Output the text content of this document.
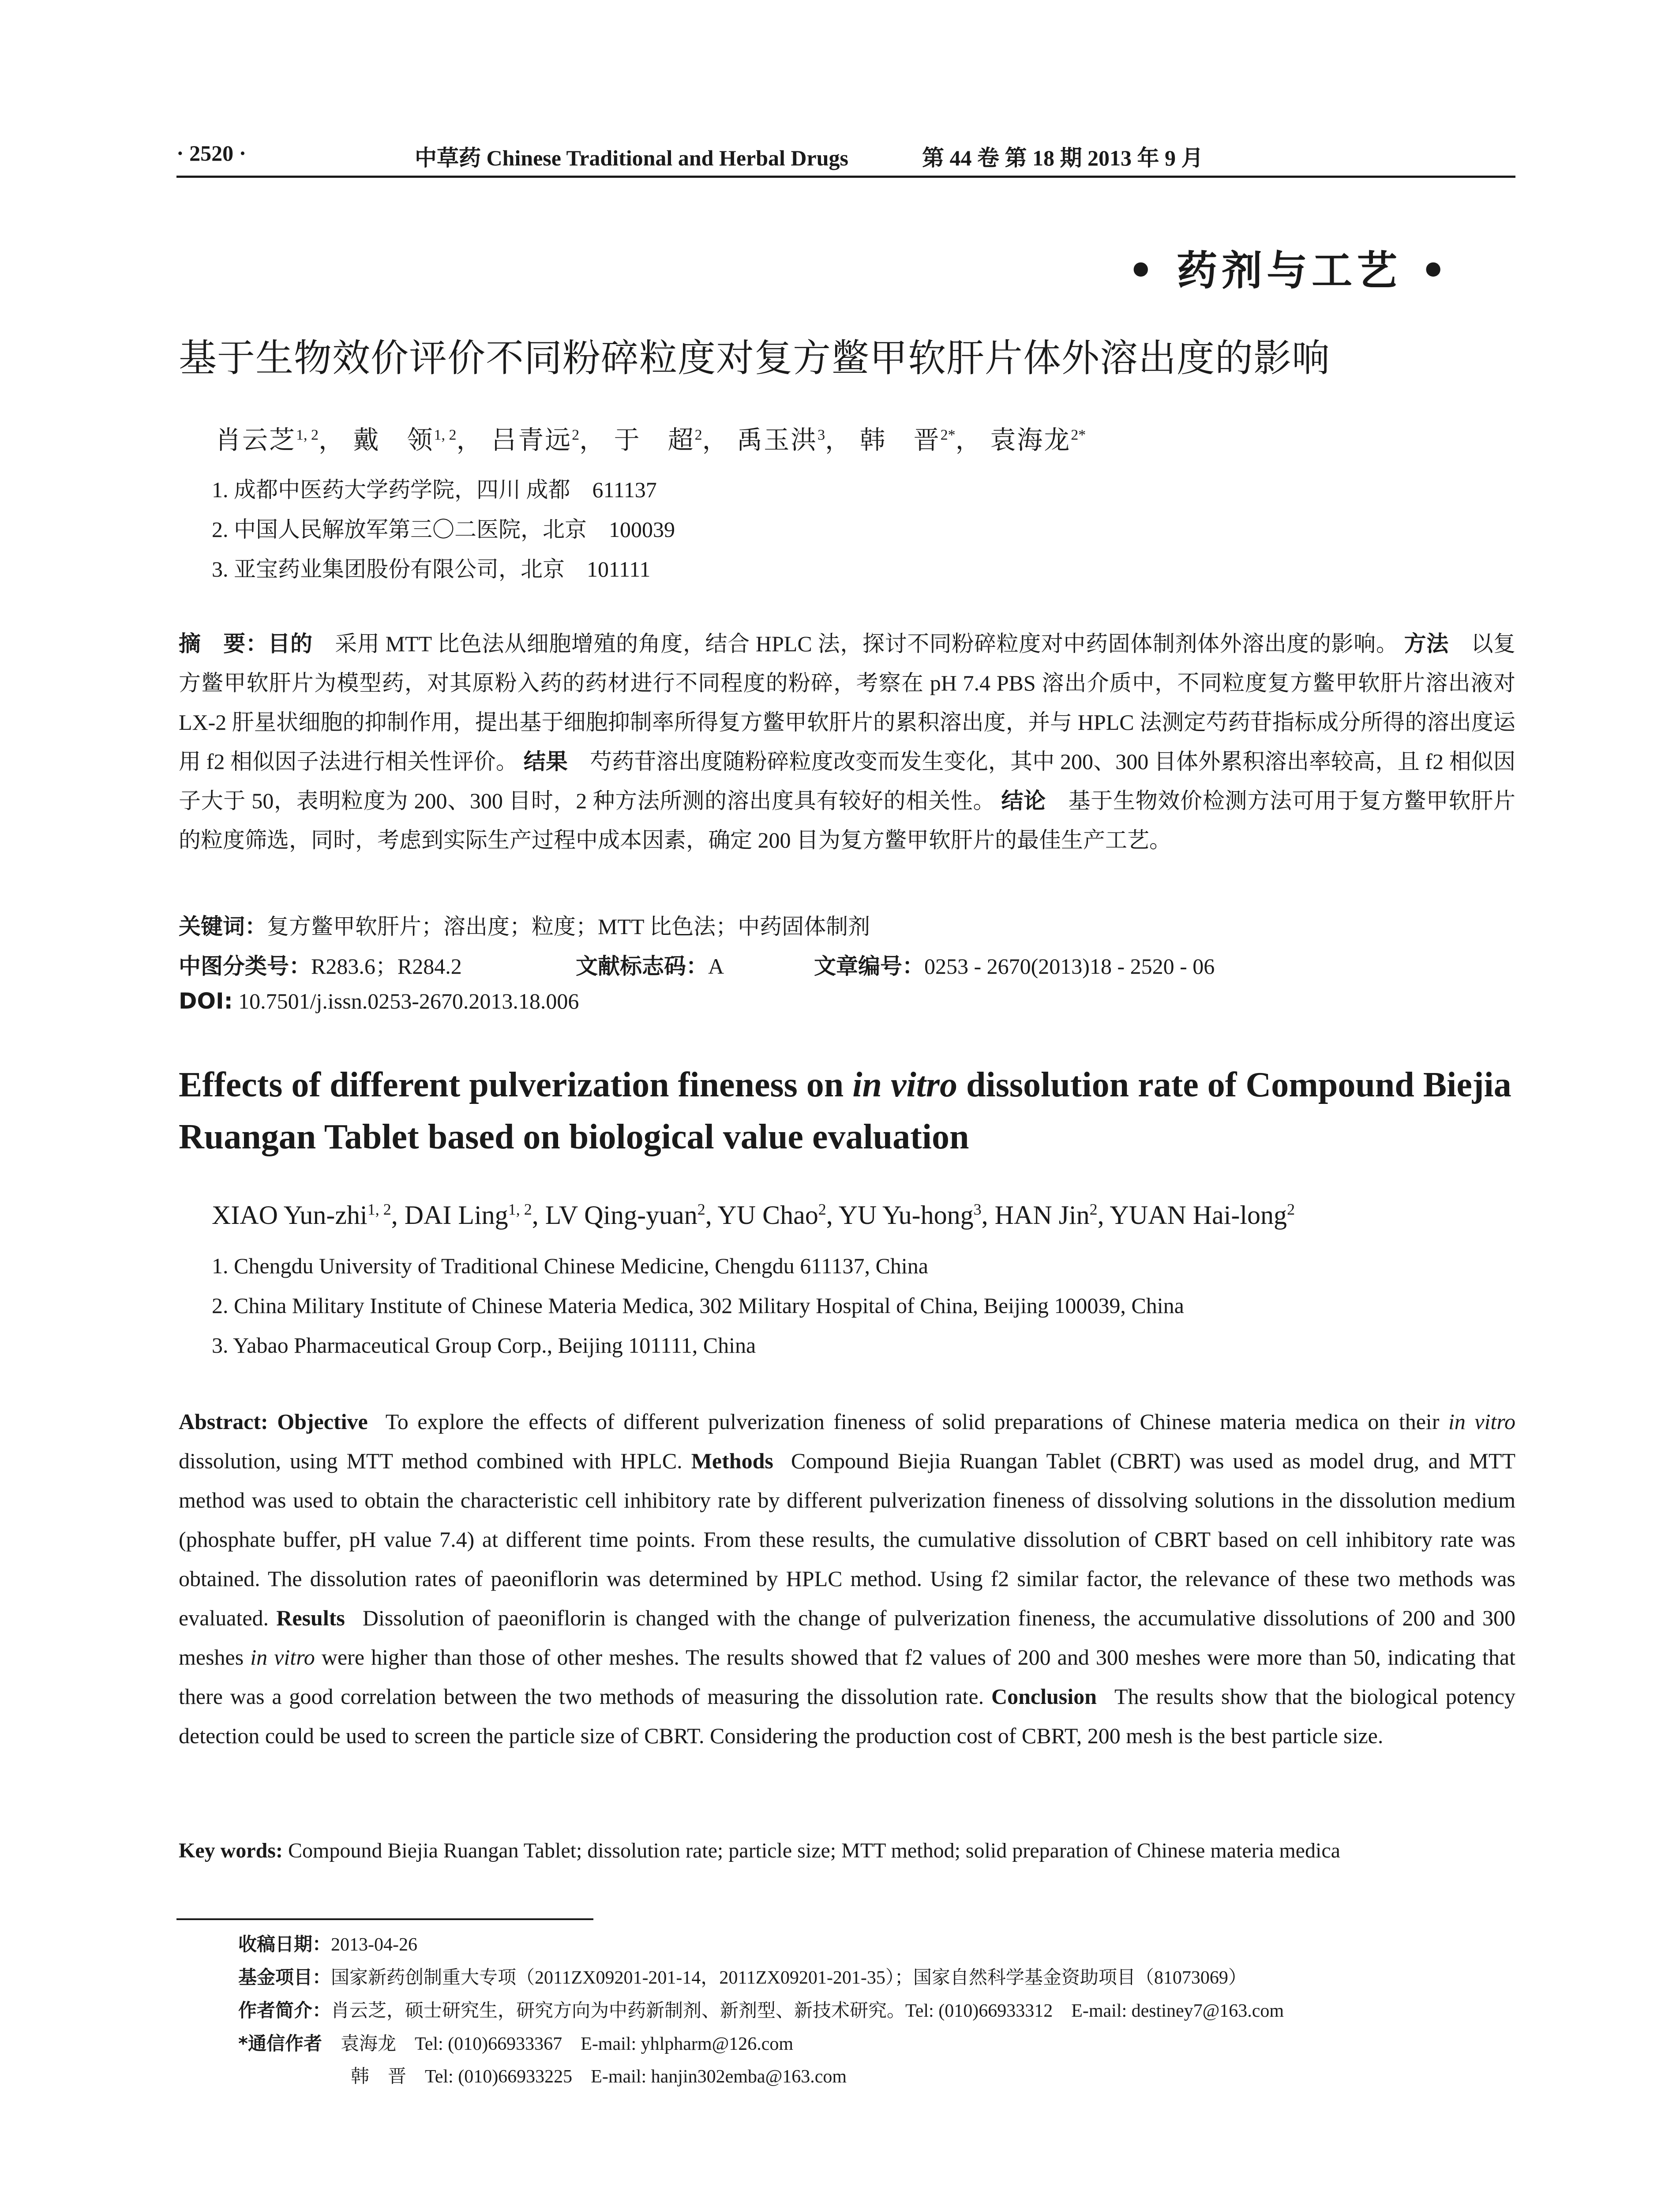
· 2520 ·	中草药 Chinese Traditional and Herbal Drugs	第 44 卷 第 18 期 2013 年 9 月
• 药剂与工艺 •
基于生物效价评价不同粉碎粒度对复方鳖甲软肝片体外溶出度的影响
肖云芝$^{1, 2}$， 戴　领$^{1, 2}$， 吕青远$^2$， 于　超$^2$， 禹玉洪$^3$， 韩　晋$^{2*}$， 袁海龙$^{2*}$
1. 成都中医药大学药学院，四川 成都　611137
2. 中国人民解放军第三〇二医院，北京　100039
3. 亚宝药业集团股份有限公司，北京　101111
摘　要：目的　 采用 MTT 比色法从细胞增殖的角度，结合 HPLC 法，探讨不同粉碎粒度对中药固体制剂体外溶出度的影响。 方法　 以复方鳖甲软肝片为模型药，对其原粉入药的药材进行不同程度的粉碎，考察在 pH 7.4 PBS 溶出介质中，不同粒度复方鳖甲软肝片溶出液对 LX-2 肝星状细胞的抑制作用，提出基于细胞抑制率所得复方鳖甲软肝片的累积溶出度，并与 HPLC 法测定芍药苷指标成分所得的溶出度运用 f2 相似因子法进行相关性评价。 结果　 芍药苷溶出度随粉碎粒度改变而发生变化，其中 200、300 目体外累积溶出率较高，且 f2 相似因子大于 50，表明粒度为 200、300 目时，2 种方法所测的溶出度具有较好的相关性。 结论　 基于生物效价检测方法可用于复方鳖甲软肝片的粒度筛选，同时，考虑到实际生产过程中成本因素，确定 200 目为复方鳖甲软肝片的最佳生产工艺。
关键词：复方鳖甲软肝片；溶出度；粒度；MTT 比色法；中药固体制剂
中图分类号：R283.6；R284.2	文献标志码：A	文章编号：0253 - 2670(2013)18 - 2520 - 06
DOI: 10.7501/j.issn.0253-2670.2013.18.006
Effects of different pulverization fineness on in vitro dissolution rate of Compound Biejia Ruangan Tablet based on biological value evaluation
XIAO Yun-zhi$^{1, 2}$, DAI Ling$^{1, 2}$, LV Qing-yuan$^2$, YU Chao$^2$, YU Yu-hong$^3$, HAN Jin$^2$, YUAN Hai-long$^2$
1. Chengdu University of Traditional Chinese Medicine, Chengdu 611137, China
2. China Military Institute of Chinese Materia Medica, 302 Military Hospital of China, Beijing 100039, China
3. Yabao Pharmaceutical Group Corp., Beijing 101111, China
Abstract: Objective To explore the effects of different pulverization fineness of solid preparations of Chinese materia medica on their in vitro dissolution, using MTT method combined with HPLC. Methods Compound Biejia Ruangan Tablet (CBRT) was used as model drug, and MTT method was used to obtain the characteristic cell inhibitory rate by different pulverization fineness of dissolving solutions in the dissolution medium (phosphate buffer, pH value 7.4) at different time points. From these results, the cumulative dissolution of CBRT based on cell inhibitory rate was obtained. The dissolution rates of paeoniflorin was determined by HPLC method. Using f2 similar factor, the relevance of these two methods was evaluated. Results Dissolution of paeoniflorin is changed with the change of pulverization fineness, the accumulative dissolutions of 200 and 300 meshes in vitro were higher than those of other meshes. The results showed that f2 values of 200 and 300 meshes were more than 50, indicating that there was a good correlation between the two methods of measuring the dissolution rate. Conclusion The results show that the biological potency detection could be used to screen the particle size of CBRT. Considering the production cost of CBRT, 200 mesh is the best particle size.
Key words: Compound Biejia Ruangan Tablet; dissolution rate; particle size; MTT method; solid preparation of Chinese materia medica
收稿日期：2013-04-26
基金项目：国家新药创制重大专项（2011ZX09201-201-14，2011ZX09201-201-35）；国家自然科学基金资助项目（81073069）
作者简介：肖云芝，硕士研究生，研究方向为中药新制剂、新剂型、新技术研究。Tel: (010)66933312　E-mail: destiney7@163.com
*通信作者　 袁海龙　Tel: (010)66933367　E-mail: yhlpharm@126.com
韩　晋　Tel: (010)66933225　E-mail: hanjin302emba@163.com
